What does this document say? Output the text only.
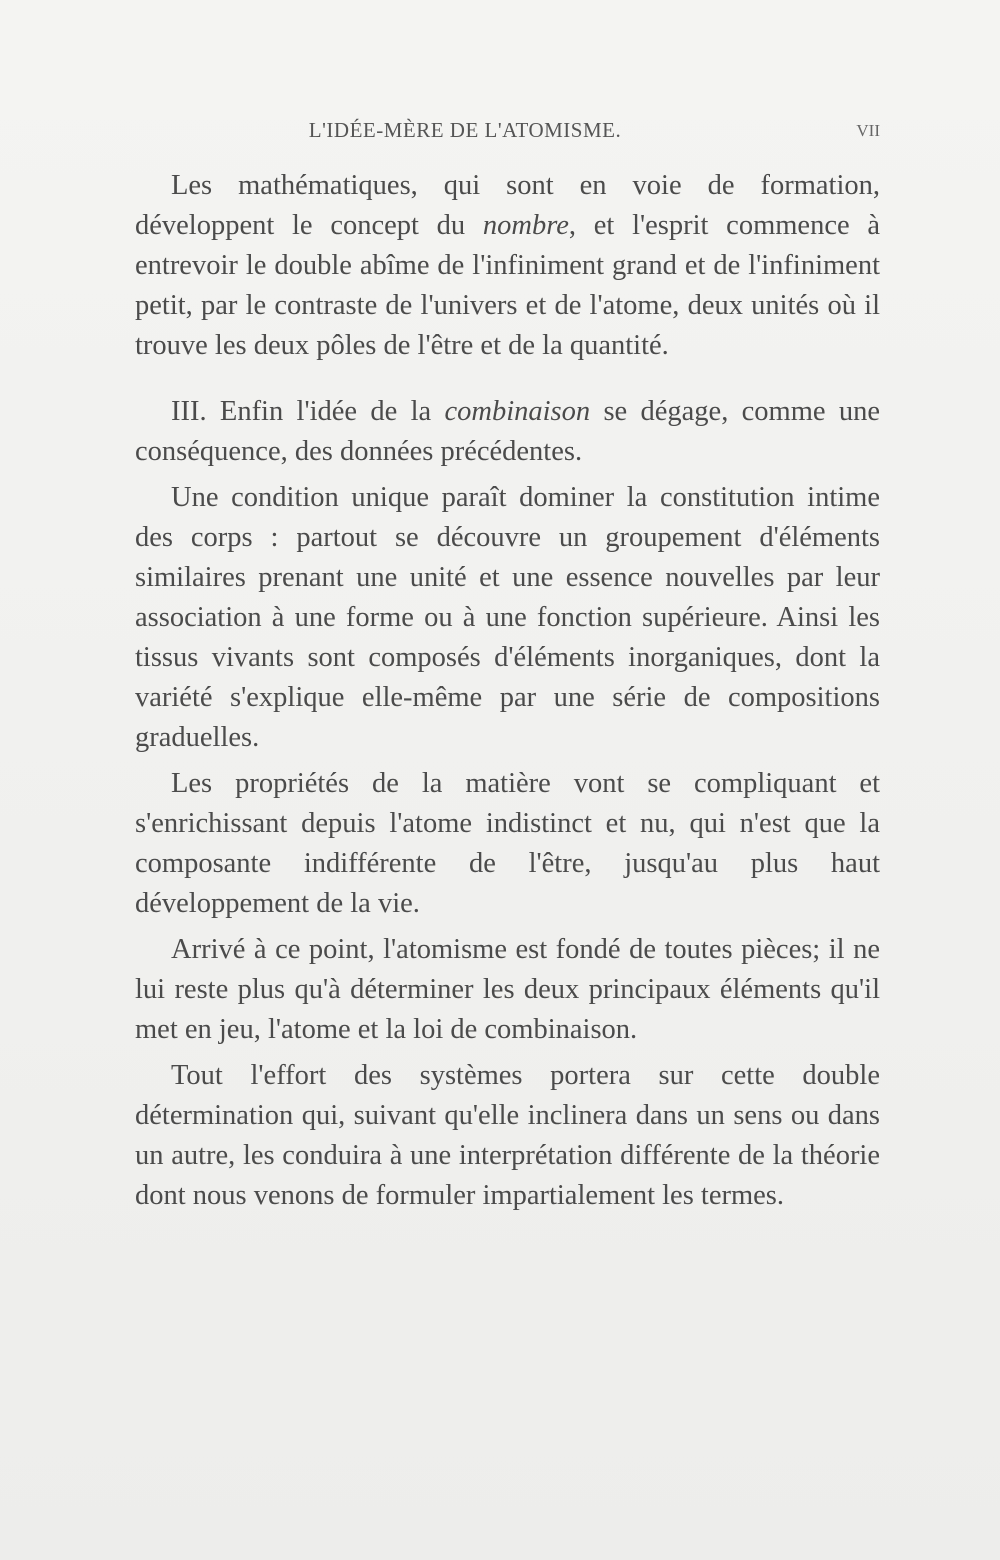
L'IDÉE-MÈRE DE L'ATOMISME.	VII

Les mathématiques, qui sont en voie de formation, développent le concept du nombre, et l'esprit commence à entrevoir le double abîme de l'infiniment grand et de l'infiniment petit, par le contraste de l'univers et de l'atome, deux unités où il trouve les deux pôles de l'être et de la quantité.

III. Enfin l'idée de la combinaison se dégage, comme une conséquence, des données précédentes.

Une condition unique paraît dominer la constitution intime des corps : partout se découvre un groupement d'éléments similaires prenant une unité et une essence nouvelles par leur association à une forme ou à une fonction supérieure. Ainsi les tissus vivants sont composés d'éléments inorganiques, dont la variété s'explique elle-même par une série de compositions graduelles.

Les propriétés de la matière vont se compliquant et s'enrichissant depuis l'atome indistinct et nu, qui n'est que la composante indifférente de l'être, jusqu'au plus haut développement de la vie.

Arrivé à ce point, l'atomisme est fondé de toutes pièces; il ne lui reste plus qu'à déterminer les deux principaux éléments qu'il met en jeu, l'atome et la loi de combinaison.

Tout l'effort des systèmes portera sur cette double détermination qui, suivant qu'elle inclinera dans un sens ou dans un autre, les conduira à une interprétation différente de la théorie dont nous venons de formuler impartialement les termes.
